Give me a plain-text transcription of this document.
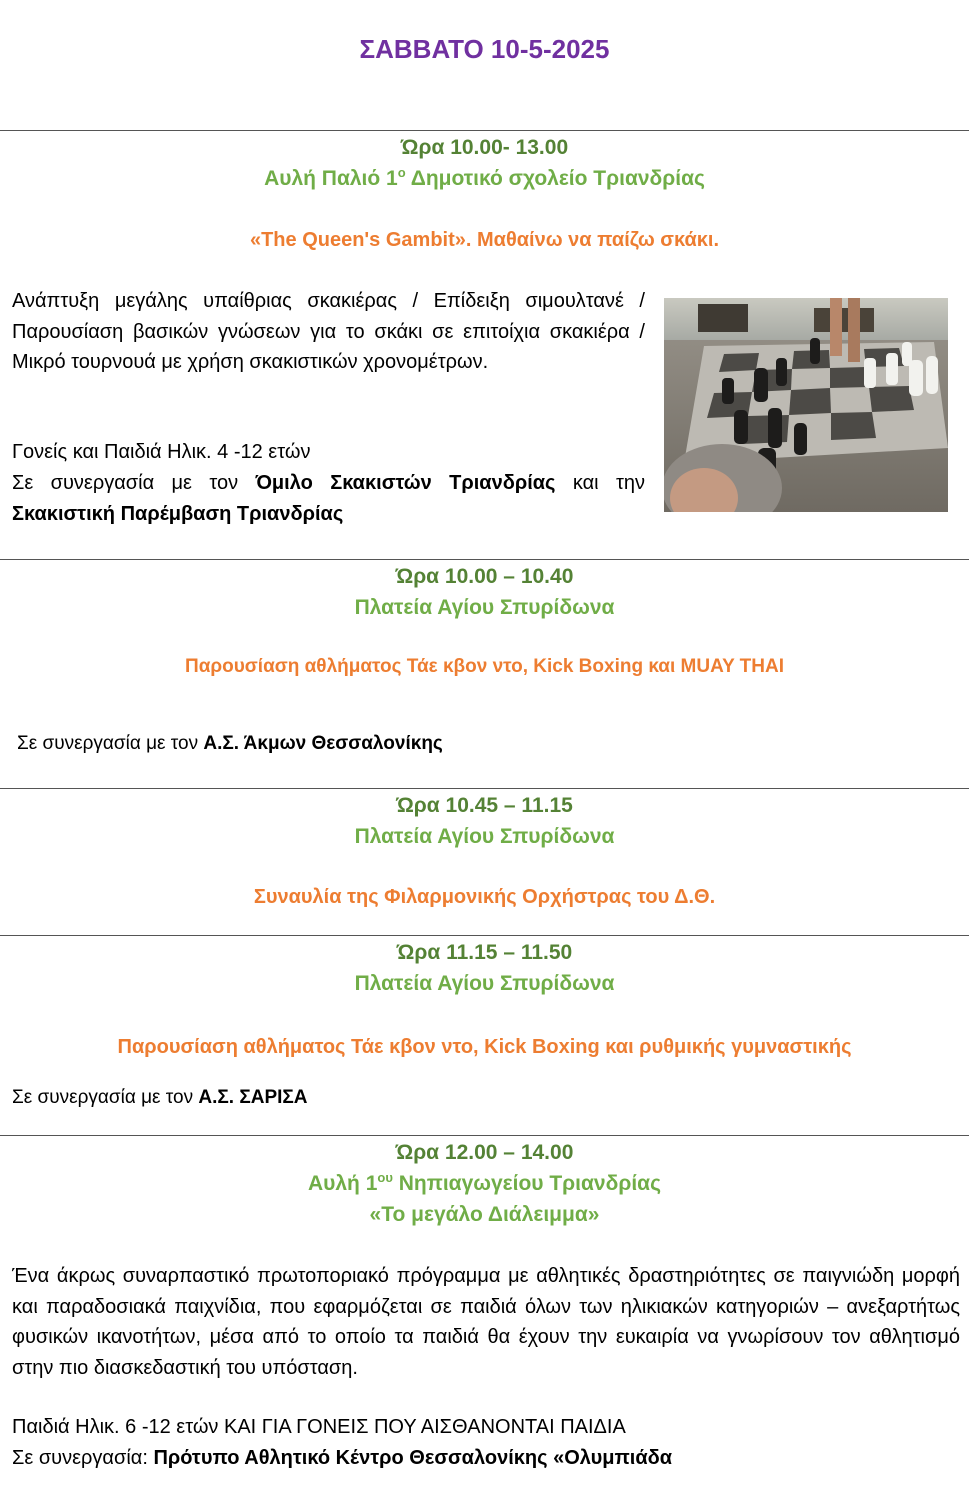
ΣΑΒΒΑΤΟ 10-5-2025
Ώρα 10.00- 13.00
Αυλή Παλιό $1^o$ Δημοτικό σχολείο Τριανδρίας
«The Queen's Gambit». Μαθαίνω να παίζω σκάκι.
Ανάπτυξη μεγάλης υπαίθριας σκακιέρας / Επίδειξη σιμουλτανέ / Παρουσίαση βασικών γνώσεων για το σκάκι σε επιτοίχια σκακιέρα / Μικρό τουρνουά με χρήση σκακιστικών χρονομέτρων.
Γονείς και Παιδιά Ηλικ. 4 -12 ετών
Σε συνεργασία με τον Όμιλο Σκακιστών Τριανδρίας και την Σκακιστική Παρέμβαση Τριανδρίας
Ώρα 10.00 – 10.40
Πλατεία Αγίου Σπυρίδωνα
Παρουσίαση αθλήματος Τάε κβον ντο, Kick Boxing και MUAY THAI
Σε συνεργασία με τον Α.Σ. Άκμων Θεσσαλονίκης
Ώρα 10.45 – 11.15
Πλατεία Αγίου Σπυρίδωνα
Συναυλία της Φιλαρμονικής Ορχήστρας του Δ.Θ.
Ώρα 11.15 – 11.50
Πλατεία Αγίου Σπυρίδωνα
Παρουσίαση αθλήματος Τάε κβον ντο, Kick Boxing και ρυθμικής γυμναστικής
Σε συνεργασία με τον Α.Σ. ΣΑΡΙΣΑ
Ώρα 12.00 – 14.00
Αυλή $1^{o\upsilon}$ Νηπιαγωγείου Τριανδρίας
«Το μεγάλο Διάλειμμα»
Ένα άκρως συναρπαστικό πρωτοποριακό πρόγραμμα με αθλητικές δραστηριότητες σε παιγνιώδη μορφή και παραδοσιακά παιχνίδια, που εφαρμόζεται σε παιδιά όλων των ηλικιακών κατηγοριών – ανεξαρτήτως φυσικών ικανοτήτων, μέσα από το οποίο τα παιδιά θα έχουν την ευκαιρία να γνωρίσουν τον αθλητισμό στην πιο διασκεδαστική του υπόσταση.
Παιδιά Ηλικ. 6 -12 ετών ΚΑΙ ΓΙΑ ΓΟΝΕΙΣ ΠΟΥ ΑΙΣΘΑΝΟΝΤΑΙ ΠΑΙΔΙΑ
Σε συνεργασία: Πρότυπο Αθλητικό Κέντρο Θεσσαλονίκης «Ολυμπιάδα
